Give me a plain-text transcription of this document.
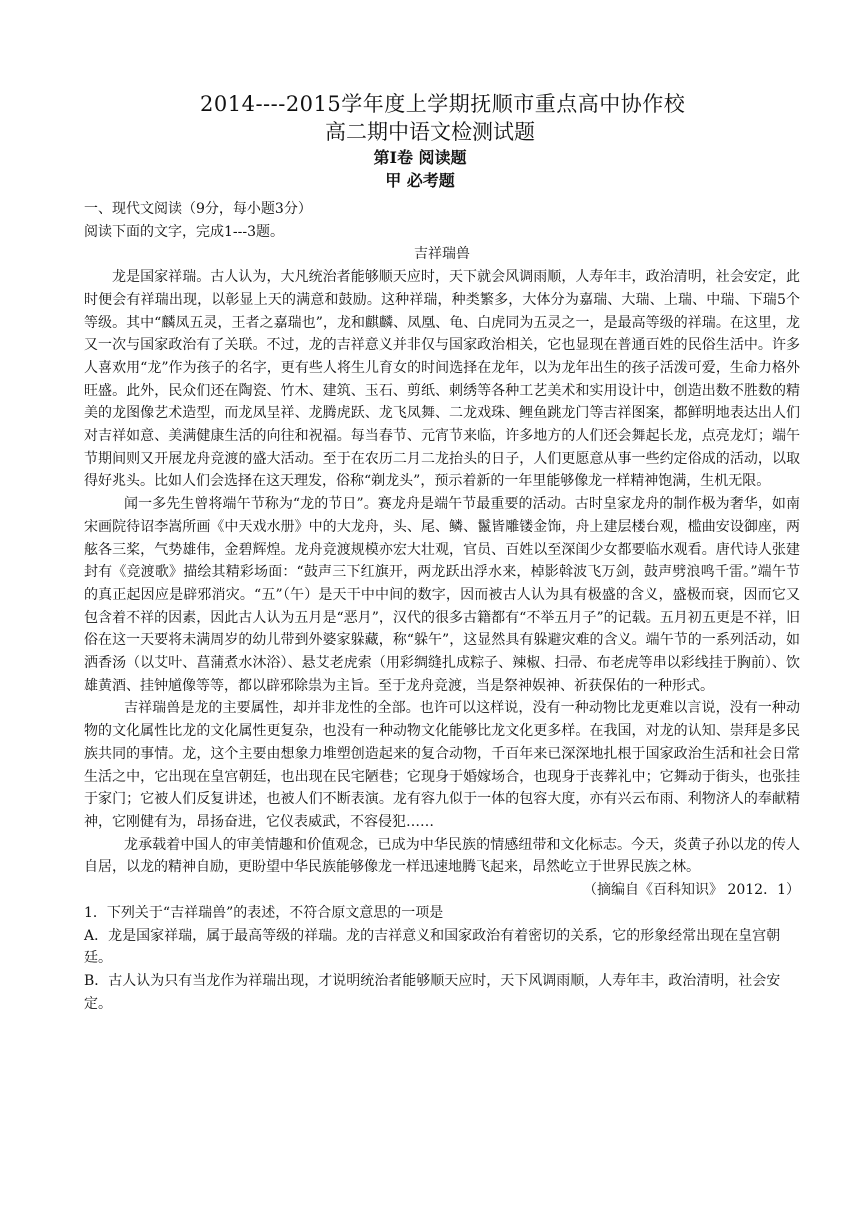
2014----2015学年度上学期抚顺市重点高中协作校
高二期中语文检测试题
第Ⅰ卷 阅读题
甲 必考题

一、现代文阅读（9分，每小题3分）

阅读下面的文字，完成1---3题。

吉祥瑞兽

龙是国家祥瑞。古人认为，大凡统治者能够顺天应时，天下就会风调雨顺，人寿年丰，政治清明，社会安定，此时便会有祥瑞出现，以彰显上天的满意和鼓励。这种祥瑞，种类繁多，大体分为嘉瑞、大瑞、上瑞、中瑞、下瑞5个等级。其中“麟凤五灵，王者之嘉瑞也”，龙和麒麟、凤凰、龟、白虎同为五灵之一，是最高等级的祥瑞。在这里，龙又一次与国家政治有了关联。不过，龙的吉祥意义并非仅与国家政治相关，它也显现在普通百姓的民俗生活中。许多人喜欢用“龙”作为孩子的名字，更有些人将生儿育女的时间选择在龙年，以为龙年出生的孩子活泼可爱，生命力格外旺盛。此外，民众们还在陶瓷、竹木、建筑、玉石、剪纸、刺绣等各种工艺美术和实用设计中，创造出数不胜数的精美的龙图像艺术造型，而龙凤呈祥、龙腾虎跃、龙飞凤舞、二龙戏珠、鲤鱼跳龙门等吉祥图案，都鲜明地表达出人们对吉祥如意、美满健康生活的向往和祝福。每当春节、元宵节来临，许多地方的人们还会舞起长龙，点亮龙灯；端午节期间则又开展龙舟竞渡的盛大活动。至于在农历二月二龙抬头的日子，人们更愿意从事一些约定俗成的活动，以取得好兆头。比如人们会选择在这天理发，俗称“剃龙头”，预示着新的一年里能够像龙一样精神饱满，生机无限。

闻一多先生曾将端午节称为“龙的节日”。赛龙舟是端午节最重要的活动。古时皇家龙舟的制作极为奢华，如南宋画院待诏李嵩所画《中天戏水册》中的大龙舟，头、尾、鳞、鬣皆雕镂金饰，舟上建层楼台观，槛曲安设御座，两舷各三桨，气势雄伟，金碧辉煌。龙舟竞渡规模亦宏大壮观，官员、百姓以至深闺少女都要临水观看。唐代诗人张建封有《竞渡歌》描绘其精彩场面：“鼓声三下红旗开，两龙跃出浮水来，棹影斡波飞万剑，鼓声劈浪鸣千雷。”端午节的真正起因应是辟邪消灾。“五”（午）是天干中中间的数字，因而被古人认为具有极盛的含义，盛极而衰，因而它又包含着不祥的因素，因此古人认为五月是“恶月”，汉代的很多古籍都有“不举五月子”的记载。五月初五更是不祥，旧俗在这一天要将未满周岁的幼儿带到外婆家躲藏，称“躲午”，这显然具有躲避灾难的含义。端午节的一系列活动，如洒香汤（以艾叶、菖蒲煮水沐浴）、悬艾老虎索（用彩绸缝扎成粽子、辣椒、扫帚、布老虎等串以彩线挂于胸前）、饮雄黄酒、挂钟馗像等等，都以辟邪除祟为主旨。至于龙舟竞渡，当是祭神娱神、祈获保佑的一种形式。

吉祥瑞兽是龙的主要属性，却并非龙性的全部。也许可以这样说，没有一种动物比龙更难以言说，没有一种动物的文化属性比龙的文化属性更复杂，也没有一种动物文化能够比龙文化更多样。在我国，对龙的认知、崇拜是多民族共同的事情。龙，这个主要由想象力堆塑创造起来的复合动物，千百年来已深深地扎根于国家政治生活和社会日常生活之中，它出现在皇宫朝廷，也出现在民宅陋巷；它现身于婚嫁场合，也现身于丧葬礼中；它舞动于街头，也张挂于家门；它被人们反复讲述，也被人们不断表演。龙有容九似于一体的包容大度，亦有兴云布雨、利物济人的奉献精神，它刚健有为，昂扬奋进，它仪表威武，不容侵犯……

龙承载着中国人的审美情趣和价值观念，已成为中华民族的情感纽带和文化标志。今天，炎黄子孙以龙的传人自居，以龙的精神自励，更盼望中华民族能够像龙一样迅速地腾飞起来，昂然屹立于世界民族之林。

（摘编自《百科知识》 2012．1）

1．下列关于“吉祥瑞兽”的表述，不符合原文意思的一项是

A．龙是国家祥瑞，属于最高等级的祥瑞。龙的吉祥意义和国家政治有着密切的关系，它的形象经常出现在皇宫朝廷。

B．古人认为只有当龙作为祥瑞出现，才说明统治者能够顺天应时，天下风调雨顺，人寿年丰，政治清明，社会安定。
